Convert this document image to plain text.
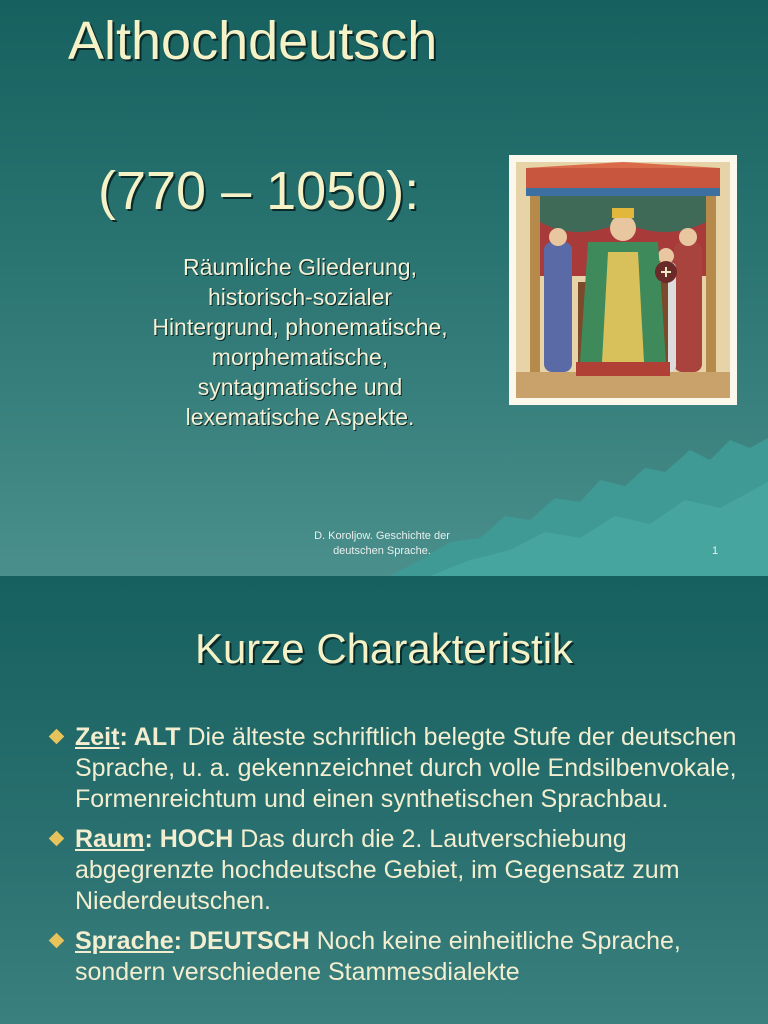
Althochdeutsch
(770 – 1050):
Räumliche Gliederung,
historisch-sozialer
Hintergrund, phonematische,
morphematische,
syntagmatische und
lexematische Aspekte.
D. Koroljow. Geschichte der
deutschen Sprache.	1
Kurze Charakteristik
Zeit: ALT Die älteste schriftlich belegte Stufe der deutschen Sprache, u. a. gekennzeichnet durch volle Endsilbenvokale, Formenreichtum und einen synthetischen Sprachbau.
Raum: HOCH Das durch die 2. Lautverschiebung abgegrenzte hochdeutsche Gebiet, im Gegensatz zum Niederdeutschen.
Sprache: DEUTSCH Noch keine einheitliche Sprache, sondern verschiedene Stammesdialekte
